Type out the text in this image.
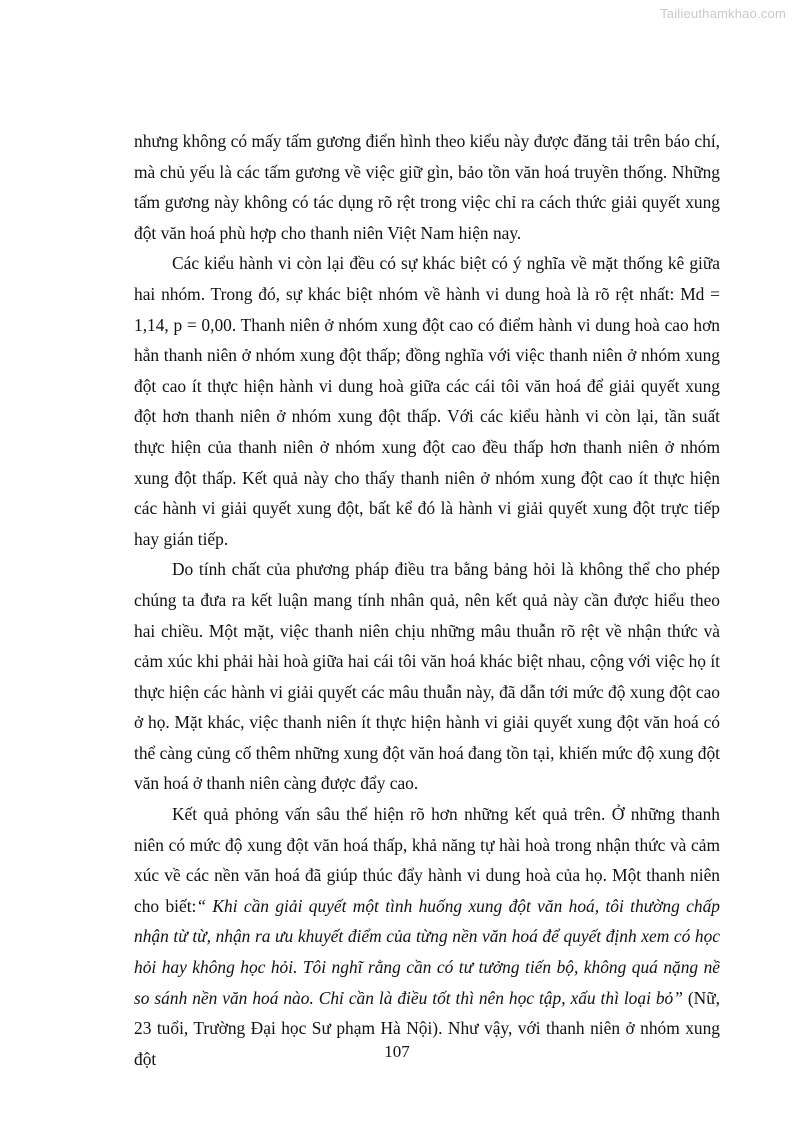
Tailieuthamkhao.com

nhưng không có mấy tấm gương điển hình theo kiểu này được đăng tải trên báo chí, mà chủ yếu là các tấm gương về việc giữ gìn, bảo tồn văn hoá truyền thống. Những tấm gương này không có tác dụng rõ rệt trong việc chỉ ra cách thức giải quyết xung đột văn hoá phù hợp cho thanh niên Việt Nam hiện nay.

Các kiểu hành vi còn lại đều có sự khác biệt có ý nghĩa về mặt thống kê giữa hai nhóm. Trong đó, sự khác biệt nhóm về hành vi dung hoà là rõ rệt nhất: Md = 1,14, p = 0,00. Thanh niên ở nhóm xung đột cao có điểm hành vi dung hoà cao hơn hẳn thanh niên ở nhóm xung đột thấp; đồng nghĩa với việc thanh niên ở nhóm xung đột cao ít thực hiện hành vi dung hoà giữa các cái tôi văn hoá để giải quyết xung đột hơn thanh niên ở nhóm xung đột thấp. Với các kiểu hành vi còn lại, tần suất thực hiện của thanh niên ở nhóm xung đột cao đều thấp hơn thanh niên ở nhóm xung đột thấp. Kết quả này cho thấy thanh niên ở nhóm xung đột cao ít thực hiện các hành vi giải quyết xung đột, bất kể đó là hành vi giải quyết xung đột trực tiếp hay gián tiếp.

Do tính chất của phương pháp điều tra bằng bảng hỏi là không thể cho phép chúng ta đưa ra kết luận mang tính nhân quả, nên kết quả này cần được hiểu theo hai chiều. Một mặt, việc thanh niên chịu những mâu thuẫn rõ rệt về nhận thức và cảm xúc khi phải hài hoà giữa hai cái tôi văn hoá khác biệt nhau, cộng với việc họ ít thực hiện các hành vi giải quyết các mâu thuẫn này, đã dẫn tới mức độ xung đột cao ở họ. Mặt khác, việc thanh niên ít thực hiện hành vi giải quyết xung đột văn hoá có thể càng củng cố thêm những xung đột văn hoá đang tồn tại, khiến mức độ xung đột văn hoá ở thanh niên càng được đẩy cao.

Kết quả phỏng vấn sâu thể hiện rõ hơn những kết quả trên. Ở những thanh niên có mức độ xung đột văn hoá thấp, khả năng tự hài hoà trong nhận thức và cảm xúc về các nền văn hoá đã giúp thúc đẩy hành vi dung hoà của họ. Một thanh niên cho biết:“ Khi cần giải quyết một tình huống xung đột văn hoá, tôi thường chấp nhận từ từ, nhận ra ưu khuyết điểm của từng nền văn hoá để quyết định xem có học hỏi hay không học hỏi. Tôi nghĩ rằng cần có tư tưởng tiến bộ, không quá nặng nề so sánh nền văn hoá nào. Chỉ cần là điều tốt thì nên học tập, xấu thì loại bỏ” (Nữ, 23 tuổi, Trường Đại học Sư phạm Hà Nội). Như vậy, với thanh niên ở nhóm xung đột	107
